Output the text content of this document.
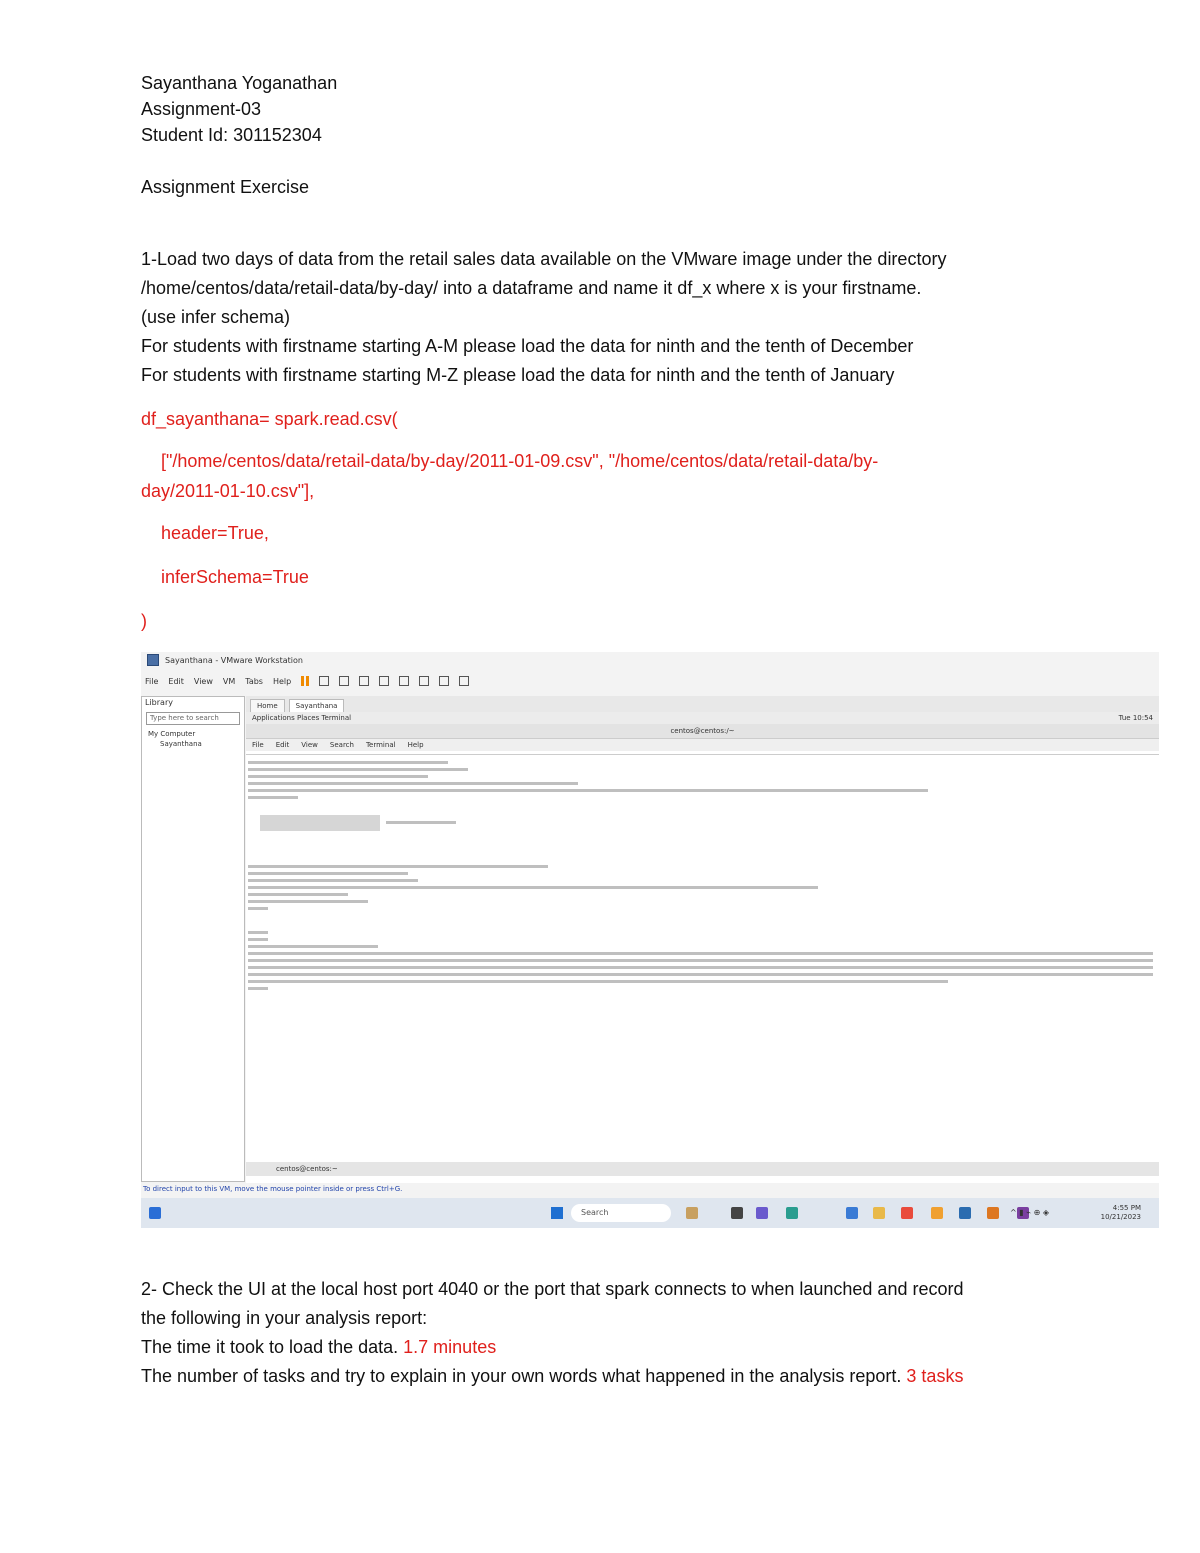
Sayanthana Yoganathan
Assignment-03
Student Id: 301152304
Assignment Exercise
1-Load two days of data from the retail sales data available on the VMware image under the directory
/home/centos/data/retail-data/by-day/ into a dataframe and name it df_x where x is your firstname.
(use infer schema)
For students with firstname starting A-M please load the data for ninth and the tenth of December
For students with firstname starting M-Z please load the data for ninth and the tenth of January
df_sayanthana= spark.read.csv(
["/home/centos/data/retail-data/by-day/2011-01-09.csv", "/home/centos/data/retail-data/by-
day/2011-01-10.csv"],
header=True,
inferSchema=True
)
Sayanthana - VMware Workstation
File Edit View VM Tabs Help
Library
Type here to search
My Computer
Sayanthana
Home	Sayanthana
Applications Places Terminal	Tue 10:54
centos@centos:/~
File Edit View Search Terminal Help
centos@centos:~
To direct input to this VM, move the mouse pointer inside or press Ctrl+G.
Search	^ ▮ ⌁ ⊕ ◈	4:55 PM
10/21/2023
2- Check the UI at the local host port 4040 or the port that spark connects to when launched and record
the following in your analysis report:
The time it took to load the data. 1.7 minutes
The number of tasks and try to explain in your own words what happened in the analysis report. 3 tasks
